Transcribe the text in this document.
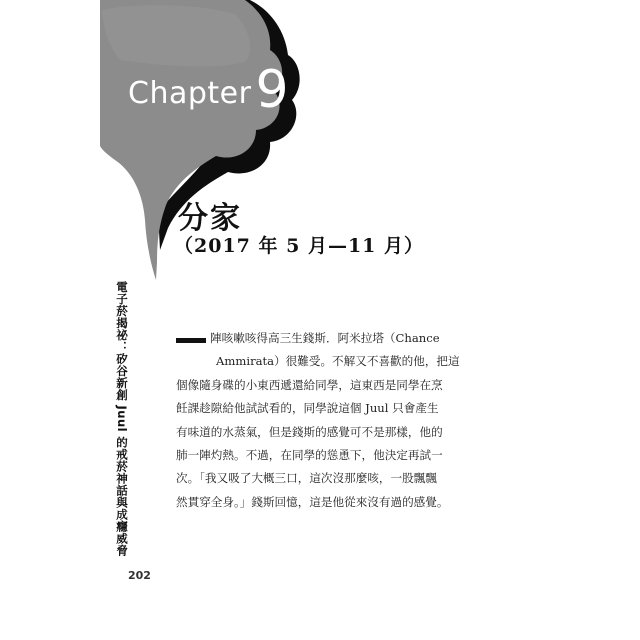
Chapter9
分家
（2017 年 5 月—11 月）
電子菸揭祕：矽谷新創 Juul 的戒菸神話與成癮威脅	陣咳嗽咳得高三生錢斯．阿米拉塔（Chance
Ammirata）很難受。不解又不喜歡的他，把這
個像隨身碟的小東西遞還給同學，這東西是同學在烹
飪課趁隙給他試試看的，同學說這個 Juul 只會產生
有味道的水蒸氣，但是錢斯的感覺可不是那樣，他的
肺一陣灼熱。不過，在同學的慫恿下，他決定再試一
次。「我又吸了大概三口，這次沒那麼咳，一股飄飄
然貫穿全身。」錢斯回憶，這是他從來沒有過的感覺。
202
